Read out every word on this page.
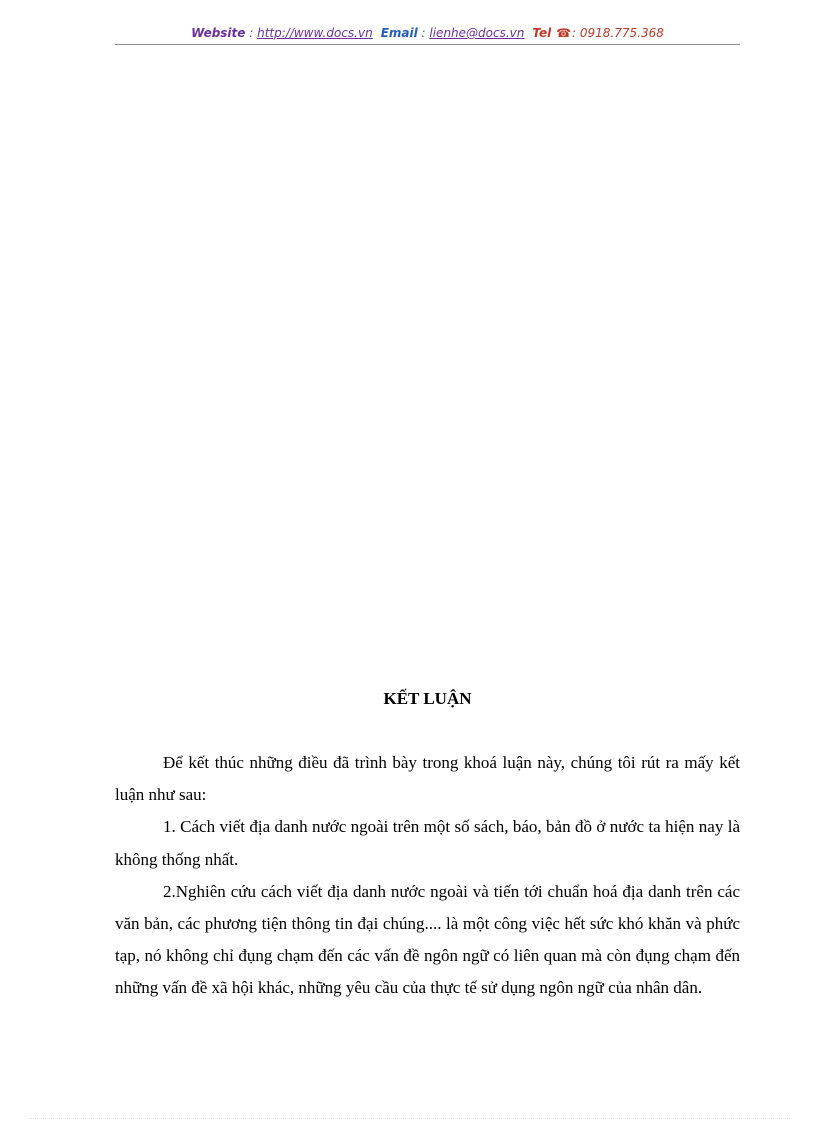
Website : http://www.docs.vn Email : lienhe@docs.vn Tel ☎: 0918.775.368
KẾT LUẬN

Để kết thúc những điều đã trình bày trong khoá luận này, chúng tôi rút ra mấy kết luận như sau:

1. Cách viết địa danh nước ngoài trên một số sách, báo, bản đồ ở nước ta hiện nay là không thống nhất.

2.Nghiên cứu cách viết địa danh nước ngoài và tiến tới chuẩn hoá địa danh trên các văn bản, các phương tiện thông tin đại chúng.... là một công việc hết sức khó khăn và phức tạp, nó không chỉ đụng chạm đến các vấn đề ngôn ngữ có liên quan mà còn đụng chạm đến những vấn đề xã hội khác, những yêu cầu của thực tế sử dụng ngôn ngữ của nhân dân.
